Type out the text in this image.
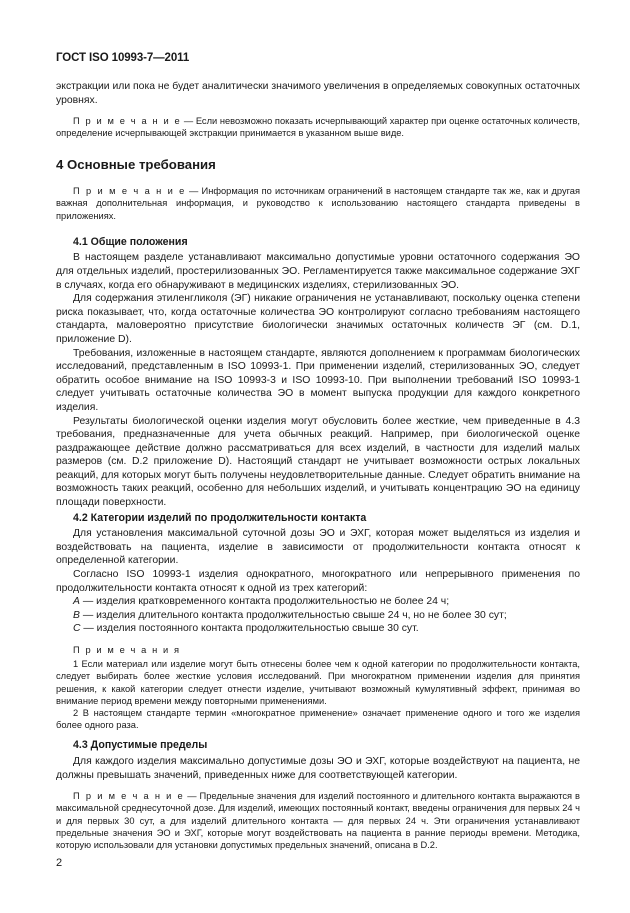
ГОСТ ISO 10993-7—2011

экстракции или пока не будет аналитически значимого увеличения в определяемых совокупных остаточных уровнях.

П р и м е ч а н и е — Если невозможно показать исчерпывающий характер при оценке остаточных количеств, определение исчерпывающей экстракции принимается в указанном выше виде.

4 Основные требования

П р и м е ч а н и е — Информация по источникам ограничений в настоящем стандарте так же, как и другая важная дополнительная информация, и руководство к использованию настоящего стандарта приведены в приложениях.

4.1 Общие положения

В настоящем разделе устанавливают максимально допустимые уровни остаточного содержания ЭО для отдельных изделий, простерилизованных ЭО. Регламентируется также максимальное содержание ЭХГ в случаях, когда его обнаруживают в медицинских изделиях, стерилизованных ЭО.

Для содержания этиленгликоля (ЭГ) никакие ограничения не устанавливают, поскольку оценка степени риска показывает, что, когда остаточные количества ЭО контролируют согласно требованиям настоящего стандарта, маловероятно присутствие биологически значимых остаточных количеств ЭГ (см. D.1, приложение D).

Требования, изложенные в настоящем стандарте, являются дополнением к программам биологических исследований, представленным в ISO 10993-1. При применении изделий, стерилизованных ЭО, следует обратить особое внимание на ISO 10993-3 и ISO 10993-10. При выполнении требований ISO 10993-1 следует учитывать остаточные количества ЭО в момент выпуска продукции для каждого конкретного изделия.

Результаты биологической оценки изделия могут обусловить более жесткие, чем приведенные в 4.3 требования, предназначенные для учета обычных реакций. Например, при биологической оценке раздражающее действие должно рассматриваться для всех изделий, в частности для изделий малых размеров (см. D.2 приложение D). Настоящий стандарт не учитывает возможности острых локальных реакций, для которых могут быть получены неудовлетворительные данные. Следует обратить внимание на возможность таких реакций, особенно для небольших изделий, и учитывать концентрацию ЭО на единицу площади поверхности.

4.2 Категории изделий по продолжительности контакта

Для установления максимальной суточной дозы ЭО и ЭХГ, которая может выделяться из изделия и воздействовать на пациента, изделие в зависимости от продолжительности контакта относят к определенной категории.

Согласно ISO 10993-1 изделия однократного, многократного или непрерывного применения по продолжительности контакта относят к одной из трех категорий:

А — изделия кратковременного контакта продолжительностью не более 24 ч;

В — изделия длительного контакта продолжительностью свыше 24 ч, но не более 30 сут;

С — изделия постоянного контакта продолжительностью свыше 30 сут.

П р и м е ч а н и я

1 Если материал или изделие могут быть отнесены более чем к одной категории по продолжительности контакта, следует выбирать более жесткие условия исследований. При многократном применении изделия для принятия решения, к какой категории следует отнести изделие, учитывают возможный кумулятивный эффект, принимая во внимание период времени между повторными применениями.

2 В настоящем стандарте термин «многократное применение» означает применение одного и того же изделия более одного раза.

4.3 Допустимые пределы

Для каждого изделия максимально допустимые дозы ЭО и ЭХГ, которые воздействуют на пациента, не должны превышать значений, приведенных ниже для соответствующей категории.

П р и м е ч а н и е — Предельные значения для изделий постоянного и длительного контакта выражаются в максимальной среднесуточной дозе. Для изделий, имеющих постоянный контакт, введены ограничения для первых 24 ч и для первых 30 сут, а для изделий длительного контакта — для первых 24 ч. Эти ограничения устанавливают предельные значения ЭО и ЭХГ, которые могут воздействовать на пациента в ранние периоды времени. Методика, которую использовали для установки допустимых предельных значений, описана в D.2.

2
